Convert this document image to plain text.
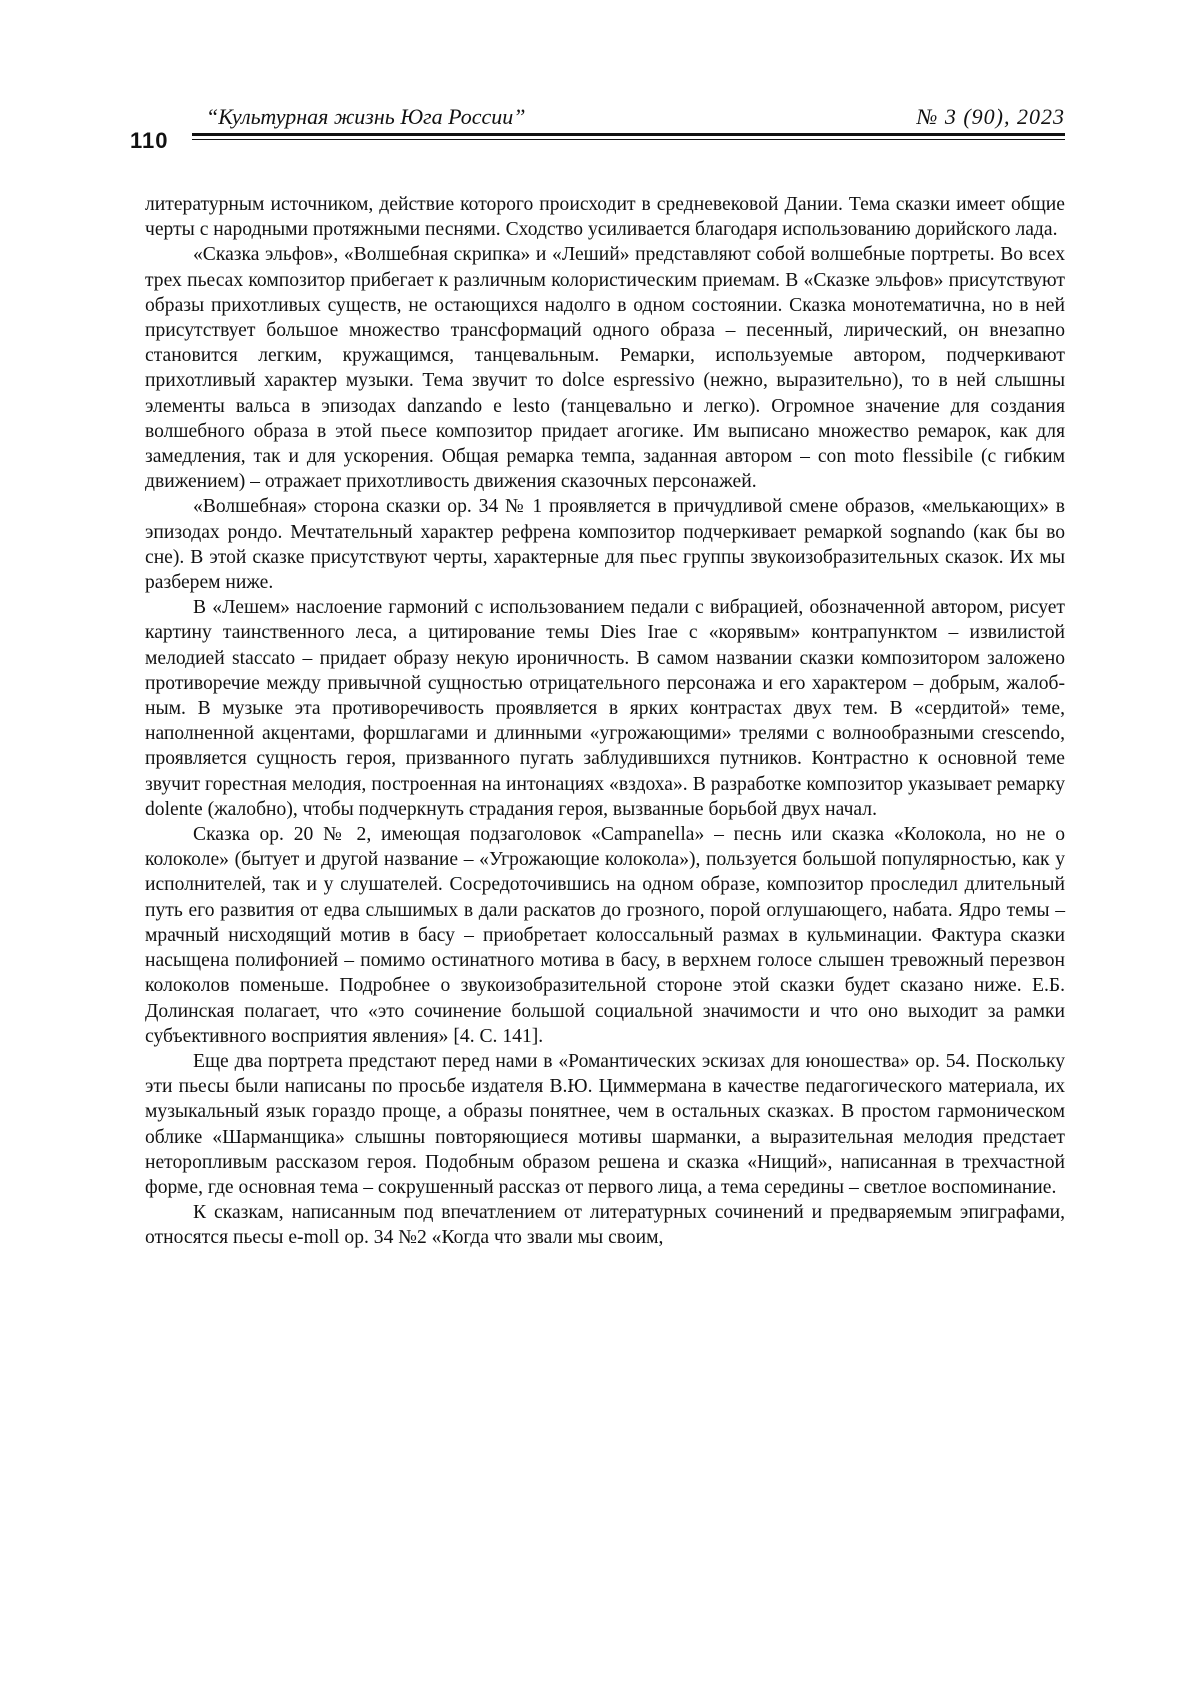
110
“Культурная жизнь Юга России”	№ 3 (90), 2023

литературным источником, действие которого происходит в средневековой Дании. Тема сказки имеет общие черты с народными протяжными песнями. Сходство усиливается благодаря использованию дорийского лада.

«Сказка эльфов», «Волшебная скрипка» и «Леший» представляют собой волшеб­ные портреты. Во всех трех пьесах композитор прибегает к различным колористиче­ским приемам. В «Сказке эльфов» присутствуют образы прихотливых существ, не остающихся надолго в одном состоянии. Сказка монотематична, но в ней присутству­ет большое множество трансформаций одного образа – песенный, лирический, он вне­запно становится легким, кружащимся, танцевальным. Ремарки, используемые авто­ром, подчеркивают прихотливый характер музыки. Тема звучит то dolce espressivo (нежно, выразительно), то в ней слышны элементы вальса в эпизодах danzando e lesto (танцевально и легко). Огромное значение для создания волшебного образа в этой пьесе композитор придает агогике. Им выписано множество ремарок, как для замед­ления, так и для ускорения. Общая ремарка темпа, заданная автором – con moto flessibile (с гибким движением) – отражает прихотливость движения сказочных персонажей.

«Волшебная» сторона сказки ор. 34 № 1 проявляется в причудливой смене обра­зов, «мелькающих» в эпизодах рондо. Мечтательный характер рефрена композитор подчеркивает ремаркой sognando (как бы во сне). В этой сказке присутствуют черты, характерные для пьес группы звукоизобразительных сказок. Их мы разберем ниже.

В «Лешем» наслоение гармоний с использованием педали с вибрацией, обозначен­ной автором, рисует картину таинственного леса, а цитирование темы Dies Irae с «корявым» контрапунктом – извилистой мелодией staccato – придает образу некую ироничность. В самом названии сказки композитором заложено противоречие между привычной сущностью отрицательного персонажа и его характером – добрым, жалоб­ным. В музыке эта противоречивость проявляется в ярких контрастах двух тем. В «сердитой» теме, наполненной акцентами, форшлагами и длинными «угрожающими» трелями с волнообразными crescendo, проявляется сущность героя, призванного пугать заблудившихся путников. Контрастно к основной теме звучит горестная мелодия, по­строенная на интонациях «вздоха». В разработке композитор указывает ремарку dolente (жалобно), чтобы подчеркнуть страдания героя, вызванные борьбой двух начал.

Сказка ор. 20 № 2, имеющая подзаголовок «Campanella» – песнь или сказка «Колокола, но не о колоколе» (бытует и другой название – «Угрожающие колокола»), пользуется большой популярностью, как у исполнителей, так и у слушателей. Сосре­доточившись на одном образе, композитор проследил длительный путь его развития от едва слышимых в дали раскатов до грозного, порой оглушающего, набата. Ядро темы – мрачный нисходящий мотив в басу – приобретает колоссальный размах в кульминации. Фактура сказки насыщена полифонией – помимо остинатного мотива в басу, в верхнем голосе слышен тревожный перезвон колоколов поменьше. Подробнее о звукоизобрази­тельной стороне этой сказки будет сказано ниже. Е.Б. Долинская полагает, что «это сочинение большой социальной значимости и что оно выходит за рамки субъективного восприятия явления» [4. С. 141].

Еще два портрета предстают перед нами в «Романтических эскизах для юноше­ства» ор. 54. Поскольку эти пьесы были написаны по просьбе издателя В.Ю. Циммер­мана в качестве педагогического материала, их музыкальный язык гораздо проще, а образы понятнее, чем в остальных сказках. В простом гармоническом облике «Шар­манщика» слышны повторяющиеся мотивы шарманки, а выразительная мелодия пред­стает неторопливым рассказом героя. Подобным образом решена и сказка «Нищий», написанная в трехчастной форме, где основная тема – сокрушенный рассказ от пер­вого лица, а тема середины – светлое воспоминание.

К сказкам, написанным под впечатлением от литературных сочинений и предва­ряемым эпиграфами, относятся пьесы e-moll ор. 34 №2 «Когда что звали мы своим,
